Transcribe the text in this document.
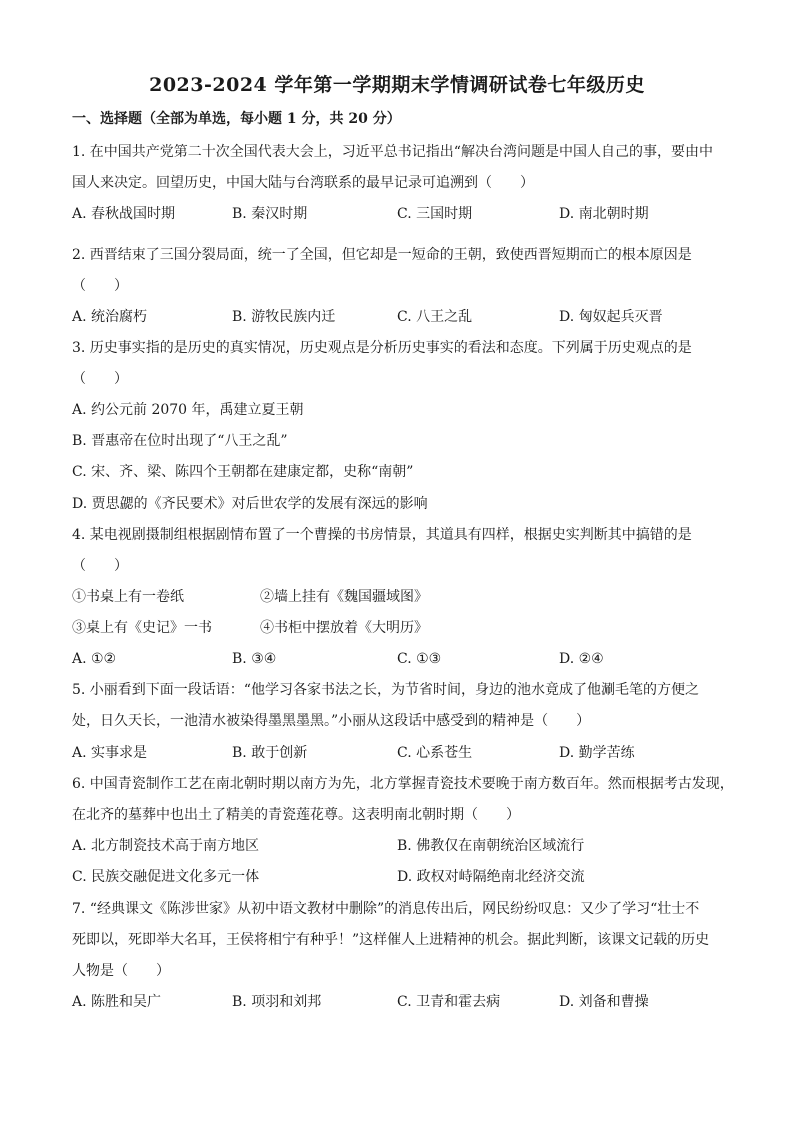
2023-2024 学年第一学期期末学情调研试卷七年级历史
一、选择题（全部为单选，每小题 1 分，共 20 分）
1. 在中国共产党第二十次全国代表大会上，习近平总书记指出“解决台湾问题是中国人自己的事，要由中
国人来决定。回望历史，中国大陆与台湾联系的最早记录可追溯到（　　）
A. 春秋战国时期	B. 秦汉时期	C. 三国时期	D. 南北朝时期
2. 西晋结束了三国分裂局面，统一了全国，但它却是一短命的王朝，致使西晋短期而亡的根本原因是
（　　）
A. 统治腐朽	B. 游牧民族内迁	C. 八王之乱	D. 匈奴起兵灭晋
3. 历史事实指的是历史的真实情况，历史观点是分析历史事实的看法和态度。下列属于历史观点的是
（　　）
A. 约公元前 2070 年，禹建立夏王朝
B. 晋惠帝在位时出现了“八王之乱”
C. 宋、齐、梁、陈四个王朝都在建康定都，史称“南朝”
D. 贾思勰的《齐民要术》对后世农学的发展有深远的影响
4. 某电视剧摄制组根据剧情布置了一个曹操的书房情景，其道具有四样，根据史实判断其中搞错的是
（　　）
①书桌上有一卷纸	②墙上挂有《魏国疆域图》
③桌上有《史记》一书	④书柜中摆放着《大明历》
A. ①②	B. ③④	C. ①③	D. ②④
5. 小丽看到下面一段话语：“他学习各家书法之长，为节省时间，身边的池水竟成了他涮毛笔的方便之
处，日久天长，一池清水被染得墨黑墨黑。”小丽从这段话中感受到的精神是（　　）
A. 实事求是	B. 敢于创新	C. 心系苍生	D. 勤学苦练
6. 中国青瓷制作工艺在南北朝时期以南方为先，北方掌握青瓷技术要晚于南方数百年。然而根据考古发现，
在北齐的墓葬中也出土了精美的青瓷莲花尊。这表明南北朝时期（　　）
A. 北方制瓷技术高于南方地区	B. 佛教仅在南朝统治区域流行
C. 民族交融促进文化多元一体	D. 政权对峙隔绝南北经济交流
7. “经典课文《陈涉世家》从初中语文教材中删除”的消息传出后，网民纷纷叹息：又少了学习“壮士不
死即以，死即举大名耳，王侯将相宁有种乎！”这样催人上进精神的机会。据此判断，该课文记载的历史
人物是（　　）
A. 陈胜和吴广	B. 项羽和刘邦	C. 卫青和霍去病	D. 刘备和曹操
